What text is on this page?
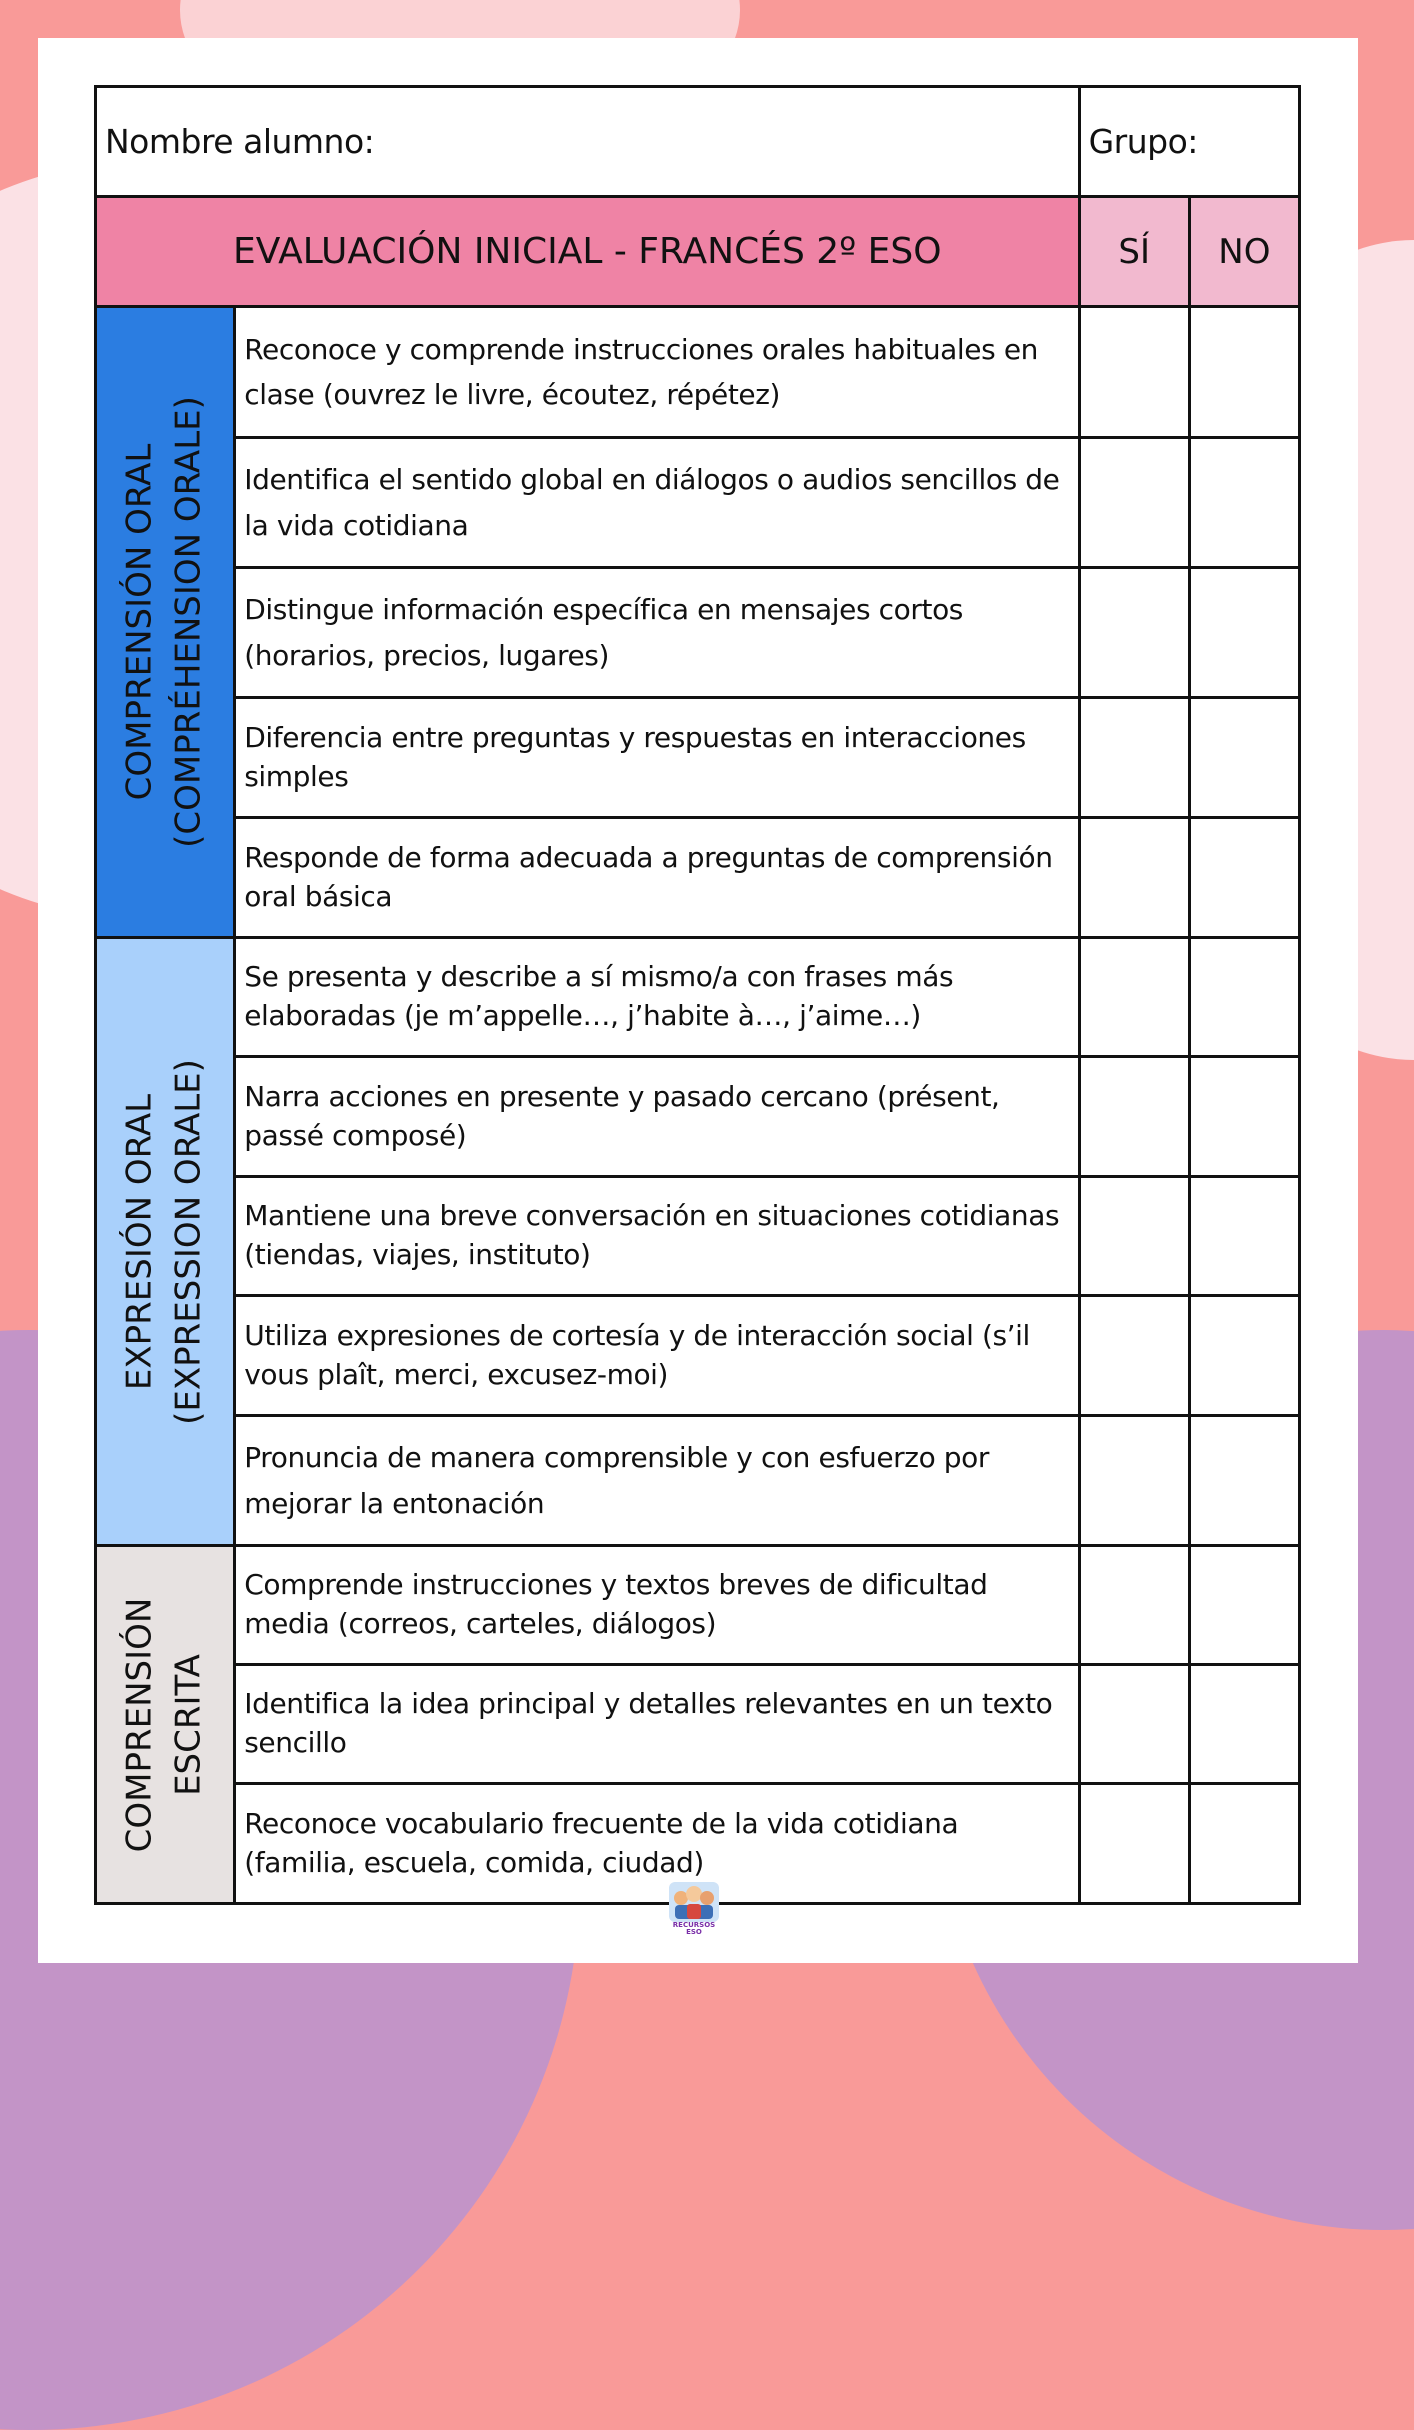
Nombre alumno:		Grupo:	
EVALUACIÓN INICIAL - FRANCÉS 2º ESO		SÍ	NO

COMPRENSIÓN ORAL (COMPRÉHENSION ORALE)	Reconoce y comprende instrucciones orales habituales en clase (ouvrez le livre, écoutez, répétez)		
	Identifica el sentido global en diálogos o audios sencillos de la vida cotidiana		
	Distingue información específica en mensajes cortos (horarios, precios, lugares)		
	Diferencia entre preguntas y respuestas en interacciones simples		
	Responde de forma adecuada a preguntas de comprensión oral básica		

EXPRESIÓN ORAL (EXPRESSION ORALE)	Se presenta y describe a sí mismo/a con frases más elaboradas (je m’appelle…, j’habite à…, j’aime…)		
	Narra acciones en presente y pasado cercano (présent, passé composé)		
	Mantiene una breve conversación en situaciones cotidianas (tiendas, viajes, instituto)		
	Utiliza expresiones de cortesía y de interacción social (s’il vous plaît, merci, excusez-moi)		
	Pronuncia de manera comprensible y con esfuerzo por mejorar la entonación		

COMPRENSIÓN ESCRITA	Comprende instrucciones y textos breves de dificultad media (correos, carteles, diálogos)		
	Identifica la idea principal y detalles relevantes en un texto sencillo		
	Reconoce vocabulario frecuente de la vida cotidiana (familia, escuela, comida, ciudad)		
RECURSOS
ESO
